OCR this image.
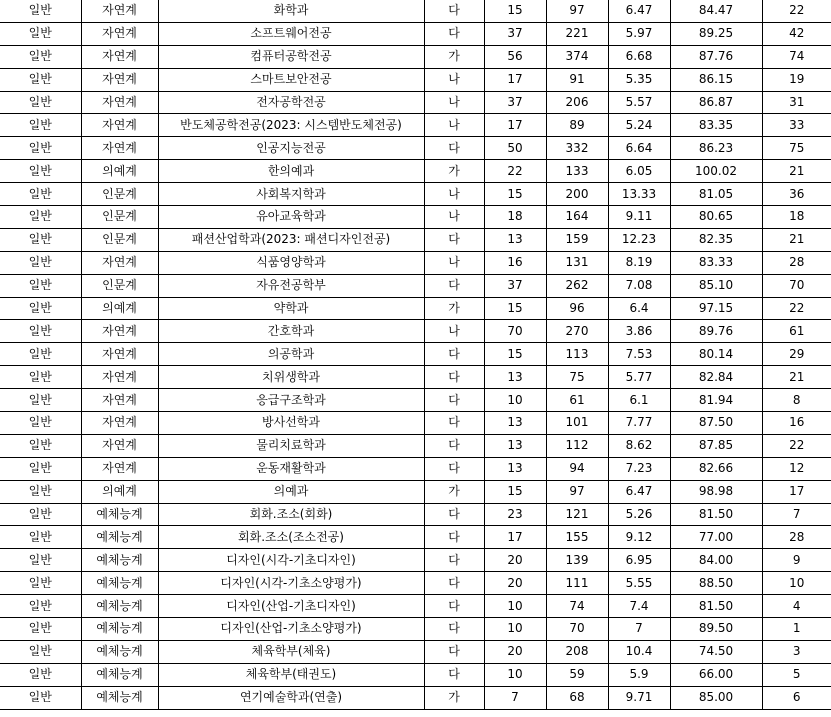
일반	자연계	화학과	다	15	97	6.47	84.47	22
일반	자연계	소프트웨어전공	다	37	221	5.97	89.25	42
일반	자연계	컴퓨터공학전공	가	56	374	6.68	87.76	74
일반	자연계	스마트보안전공	나	17	91	5.35	86.15	19
일반	자연계	전자공학전공	나	37	206	5.57	86.87	31
일반	자연계	반도체공학전공(2023: 시스템반도체전공)	나	17	89	5.24	83.35	33
일반	자연계	인공지능전공	다	50	332	6.64	86.23	75
일반	의예계	한의예과	가	22	133	6.05	100.02	21
일반	인문계	사회복지학과	나	15	200	13.33	81.05	36
일반	인문계	유아교육학과	나	18	164	9.11	80.65	18
일반	인문계	패션산업학과(2023: 패션디자인전공)	다	13	159	12.23	82.35	21
일반	자연계	식품영양학과	나	16	131	8.19	83.33	28
일반	인문계	자유전공학부	다	37	262	7.08	85.10	70
일반	의예계	약학과	가	15	96	6.4	97.15	22
일반	자연계	간호학과	나	70	270	3.86	89.76	61
일반	자연계	의공학과	다	15	113	7.53	80.14	29
일반	자연계	치위생학과	다	13	75	5.77	82.84	21
일반	자연계	응급구조학과	다	10	61	6.1	81.94	8
일반	자연계	방사선학과	다	13	101	7.77	87.50	16
일반	자연계	물리치료학과	다	13	112	8.62	87.85	22
일반	자연계	운동재활학과	다	13	94	7.23	82.66	12
일반	의예계	의예과	가	15	97	6.47	98.98	17
일반	예체능계	회화.조소(회화)	다	23	121	5.26	81.50	7
일반	예체능계	회화.조소(조소전공)	다	17	155	9.12	77.00	28
일반	예체능계	디자인(시각-기초디자인)	다	20	139	6.95	84.00	9
일반	예체능계	디자인(시각-기초소양평가)	다	20	111	5.55	88.50	10
일반	예체능계	디자인(산업-기초디자인)	다	10	74	7.4	81.50	4
일반	예체능계	디자인(산업-기초소양평가)	다	10	70	7	89.50	1
일반	예체능계	체육학부(체육)	다	20	208	10.4	74.50	3
일반	예체능계	체육학부(태권도)	다	10	59	5.9	66.00	5
일반	예체능계	연기예술학과(연출)	가	7	68	9.71	85.00	6
